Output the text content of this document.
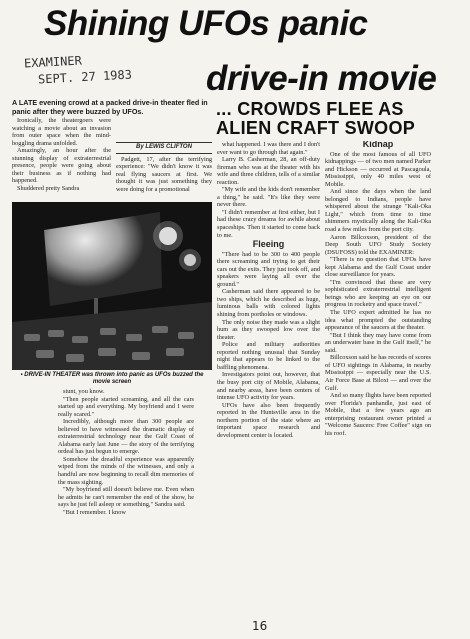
Shining UFOs panic
EXAMINER
SEPT. 27 1983 drive-in movie
A LATE evening crowd at a packed drive-in theater fled in panic after they were buzzed by UFOs.	... CROWDS FLEE AS
ALIEN CRAFT SWOOP

Ironically, the theatergoers were watching a movie about an invasion from outer space when the mind-boggling drama unfolded.

Amazingly, an hour after the stunning display of extraterrestrial presence, people were going about their business as if nothing had happened.

Shuddered pretty Sandra

By LEWIS CLIFTON

Padgett, 17, after the terrifying experience: "We didn't know it was real flying saucers at first. We thought it was just something they were doing for a promotional

▪ DRIVE-IN THEATER was thrown into panic as UFOs buzzed the movie screen

stunt, you know.

"Then people started screaming, and all the cars started up and everything. My boyfriend and I were really scared."

Incredibly, although more than 300 people are believed to have witnessed the dramatic display of extraterrestrial technology near the Gulf Coast of Alabama early last June — the story of the terrifying ordeal has just begun to emerge.

Somehow the dreadful experience was apparently wiped from the minds of the witnesses, and only a handful are now beginning to recall dim memories of the mass sighting.

"My boyfriend still doesn't believe me. Even when he admits he can't remember the end of the show, he says he just fell asleep or something," Sandra said.

"But I remember. I know

what happened. I was there and I don't ever want to go through that again."

Larry B. Casherman, 28, an off-duty fireman who was at the theater with his wife and three children, tells of a similar reaction.

"My wife and the kids don't remember a thing," he said. "It's like they were never there.

"I didn't remember at first either, but I had these crazy dreams for awhile about spaceships. Then it started to come back to me.

Fleeing

"There had to be 300 to 400 people there screaming and trying to get their cars out the exits. They just took off, and speakers were laying all over the ground."

Casherman said there appeared to be two ships, which he described as huge, luminous balls with colored lights shining from portholes or windows.

The only noise they made was a slight hum as they swooped low over the theater.

Police and military authorities reported nothing unusual that Sunday night that appears to be linked to the baffling phenomena.

Investigators point out, however, that the busy port city of Mobile, Alabama, and nearby areas, have been centers of intense UFO activity for years.

UFOs have also been frequently reported in the Huntsville area in the northern portion of the state where an important space research and development center is located.

Kidnap

One of the most famous of all UFO kidnappings — of two men named Parker and Hickson — occurred at Pascagoula, Mississippi, only 40 miles west of Mobile.

And since the days when the land belonged to Indians, people have whispered about the strange "Kali-Oka Light," which from time to time shimmers mystically along the Kali-Oka road a few miles from the port city.

Aaron Billcoxson, president of the Deep South UFO Study Society (DSUFOSS) told the EXAMINER:

"There is no question that UFOs have kept Alabama and the Gulf Coast under close surveillance for years.

"I'm convinced that these are very sophisticated extraterrestrial intelligent beings who are keeping an eye on our progress in rocketry and space travel."

The UFO expert admitted he has no idea what prompted the outstanding appearance of the saucers at the theater.

"But I think they may have come from an underwater base in the Gulf itself," he said.

Billcoxson said he has records of scores of UFO sightings in Alabama, in nearby Mississippi — especially near the U.S. Air Force Base at Biloxi — and over the Gulf.

And so many flights have been reported over Florida's panhandle, just east of Mobile, that a few years ago an enterprising restaurant owner printed a "Welcome Saucers: Free Coffee" sign on his roof.

16
